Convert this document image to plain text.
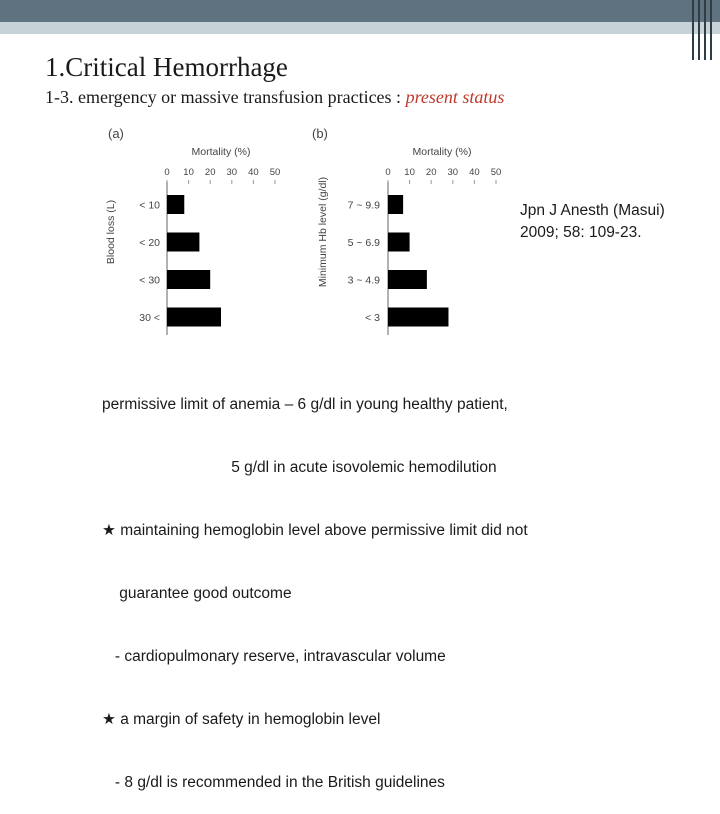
1.Critical Hemorrhage
1-3. emergency or massive transfusion practices : present status
(a)
Mortality (%)
0 10 20 30 40 50
Blood loss (L) < 10
< 20
< 30
30 <
(b)
Mortality (%)
0 10 20 30 40 50
Minimum Hb level (g/dl) 7 ~ 9.9
5 ~ 6.9
3 ~ 4.9
< 3
Jpn J Anesth (Masui)
2009; 58: 109-23.

permissive limit of anemia – 6 g/dl in young healthy patient,

5 g/dl in acute isovolemic hemodilution

★ maintaining hemoglobin level above permissive limit did not

guarantee good outcome

- cardiopulmonary reserve, intravascular volume

★ a margin of safety in hemoglobin level

- 8 g/dl is recommended in the British guidelines
